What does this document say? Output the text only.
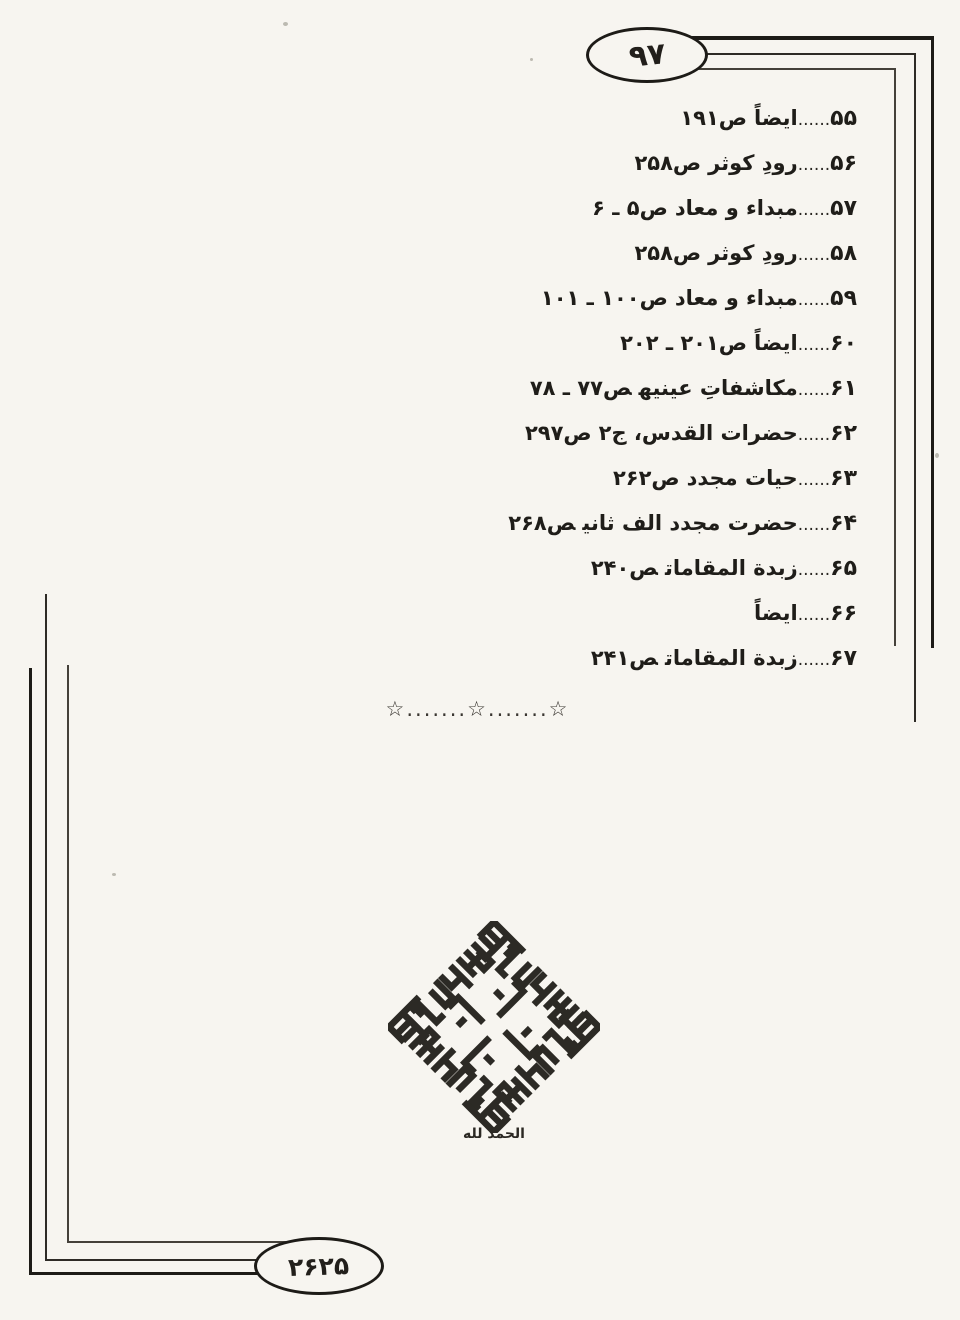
۹۷
۵۵......ایضاًص۱۹۱
۵۶......رودِ کوثرص۲۵۸
۵۷......مبداء و معادص۵ ـ ۶
۵۸......رودِ کوثرص۲۵۸
۵۹......مبداء و معادص۱۰۰ ـ ۱۰۱
۶۰......ایضاًص۲۰۱ ـ ۲۰۲
۶۱......مکاشفاتِ عینیهص۷۷ ـ ۷۸
۶۲......حضرات القدس، ج۲ص۲۹۷
۶۳......حیات مجددص۲۶۲
۶۴......حضرت مجدد الف ثانیص۲۶۸
۶۵......زبدة المقاماتص۲۴۰
۶۶......ایضاً
۶۷......زبدة المقاماتص۲۴۱
☆.......☆.......☆
الحمد لله
۲۶۲۵
